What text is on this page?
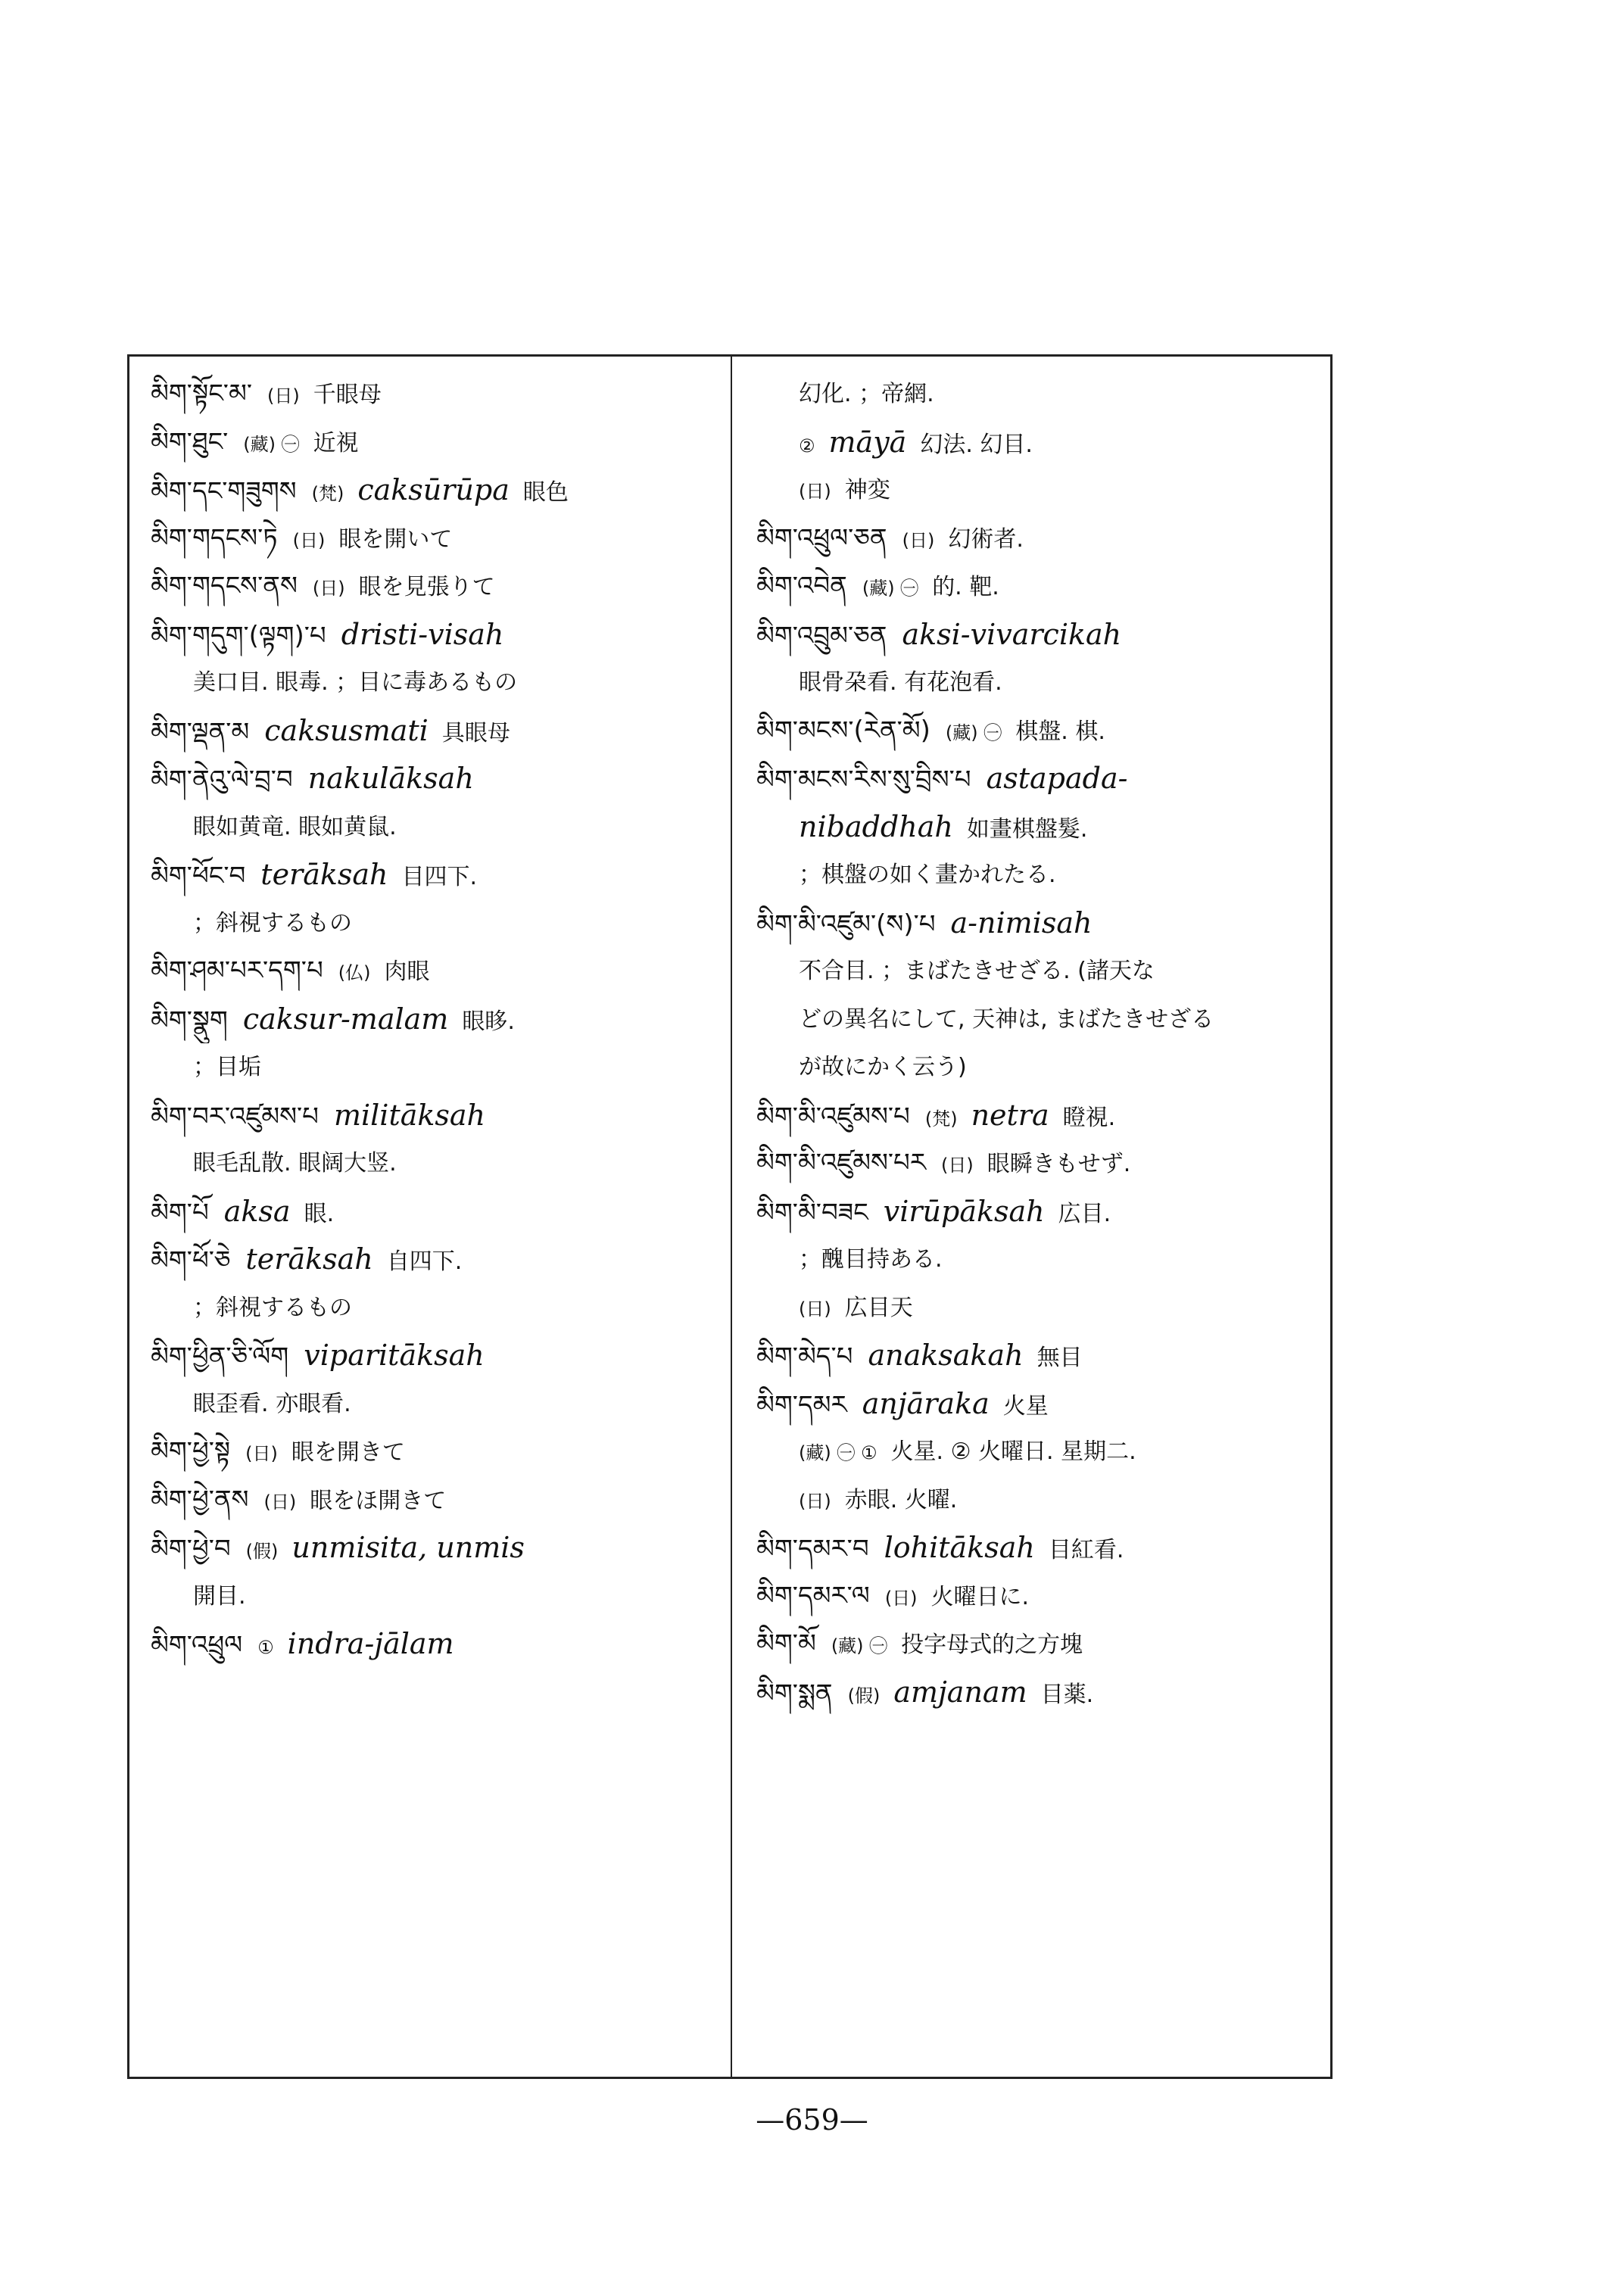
མིག་སྟོང་མ་ (日) 千眼母
མིག་ཐུང་ (藏) ㊀ 近視
མིག་དང་གཟུགས (梵) caksūrūpa 眼色
མིག་གདངས་ཏེ (日) 眼を開いて
མིག་གདངས་ནས (日) 眼を見張りて
མིག་གདུག་(ལྟག)་པ dristi-visah
美口目. 眼毒. ；目に毒あるもの
མིག་ལྡན་མ caksusmati 具眼母
མིག་ནེའུ་ལེ་བྲ་བ nakulāksah
眼如黄竜. 眼如黄鼠.
མིག་ཕོང་བ terāksah 目四下.
；斜視するもの
མིག་ཤམ་པར་དག་པ (仏) 肉眼
མིག་སྣུག caksur-malam 眼眵.
；目垢
མིག་བར་འཛུམས་པ militāksah
眼毛乱散. 眼阔大竖.
མིག་པོ aksa 眼.
མིག་ཕོ་ཅེ terāksah 自四下.
；斜視するもの
མིག་ཕྱིན་ཅི་ལོག viparitāksah
眼歪看. 亦眼看.
མིག་ཕྱེ་སྟེ (日) 眼を開きて
མིག་ཕྱེ་ནས (日) 眼をほ開きて
མིག་ཕྱེ་བ (假) unmisita, unmis
開目.
མིག་འཕྲུལ ① indra-jālam
幻化. ；帝網.
② māyā 幻法. 幻目.
(日) 神変
མིག་འཕྲུལ་ཅན (日) 幻術者.
མིག་འབེན (藏) ㊀ 的. 靶.
མིག་འབྲུམ་ཅན aksi-vivarcikah
眼骨朶看. 有花泡看.
མིག་མངས་(རེན་མོ) (藏) ㊀ 棋盤. 棋.
མིག་མངས་རིས་སུ་བྲིས་པ astapada-
nibaddhah 如畫棋盤髮.
；棋盤の如く畫かれたる.
མིག་མི་འཛུམ་(ས)་པ a-nimisah
不合目. ；まばたきせざる. (諸天な
どの異名にして, 天神は, まばたきせざる
が故にかく云う)
མིག་མི་འཛུམས་པ (梵) netra 瞪視.
མིག་མི་འཛུམས་པར (日) 眼瞬きもせず.
མིག་མི་བཟང virūpāksah 広目.
；醜目持ある.
(日) 広目天
མིག་མེད་པ anaksakah 無目
མིག་དམར anjāraka 火星
(藏) ㊀ ① 火星. ② 火曜日. 星期二.
(日) 赤眼. 火曜.
མིག་དམར་བ lohitāksah 目紅看.
མིག་དམར་ལ (日) 火曜日に.
མིག་མོ (藏) ㊀ 投字母式的之方塊
མིག་སྨན (假) amjanam 目薬.
—659—
